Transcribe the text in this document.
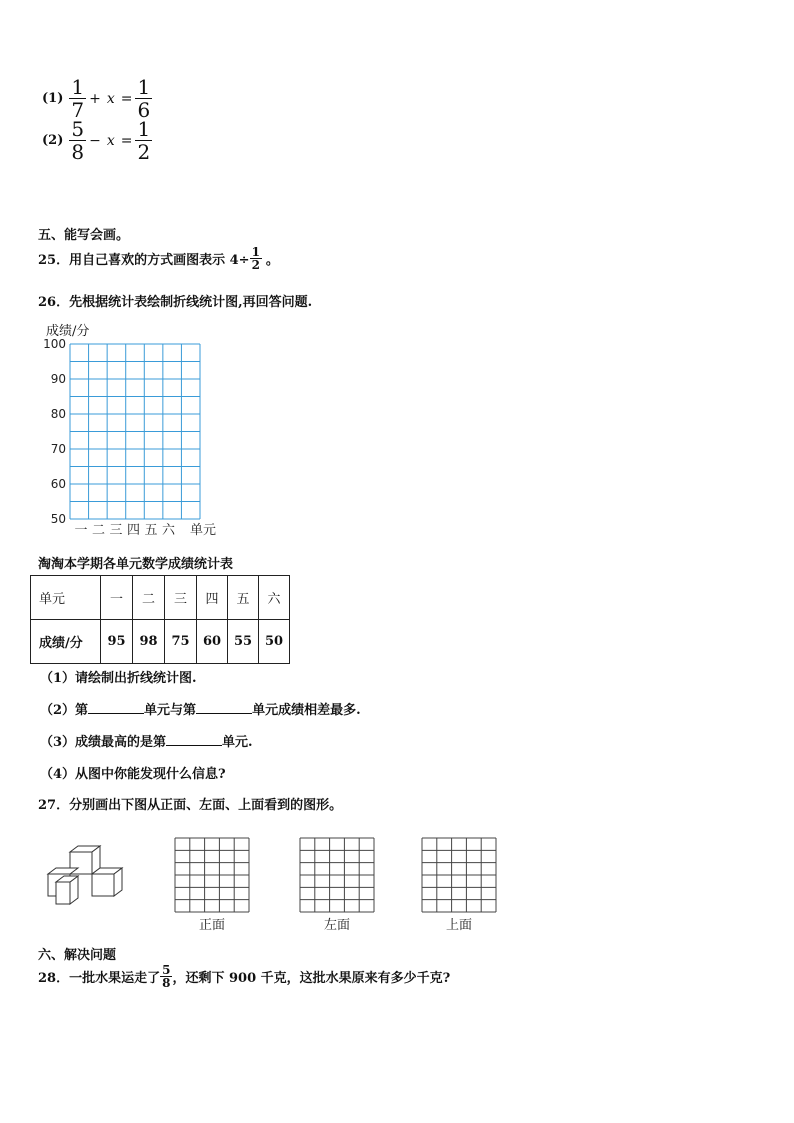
$(1) \frac{1}{7} + x = \frac{1}{6}$
$(2) \frac{5}{8} - x = \frac{1}{2}$
五、能写会画。
25．用自己喜欢的方式画图表示 $4\div \frac{1}{2}$ 。
26．先根据统计表绘制折线统计图,再回答问题.
成绩/分
100
90
80
70
60
50
一 二 三 四 五 六 单元
淘淘本学期各单元数学成绩统计表
单元	一	二	三	四	五	六
成绩/分	95	98	75	60	55	50
（1）请绘制出折线统计图.
（2）第	单元与第	单元成绩相差最多.
（3）成绩最高的是第	单元.
（4）从图中你能发现什么信息?
27．分别画出下图从正面、左面、上面看到的图形。
正面	左面	上面
六、解决问题
28．一批水果运走了 $\frac{5}{8}$ ，还剩下 900 千克，这批水果原来有多少千克?
